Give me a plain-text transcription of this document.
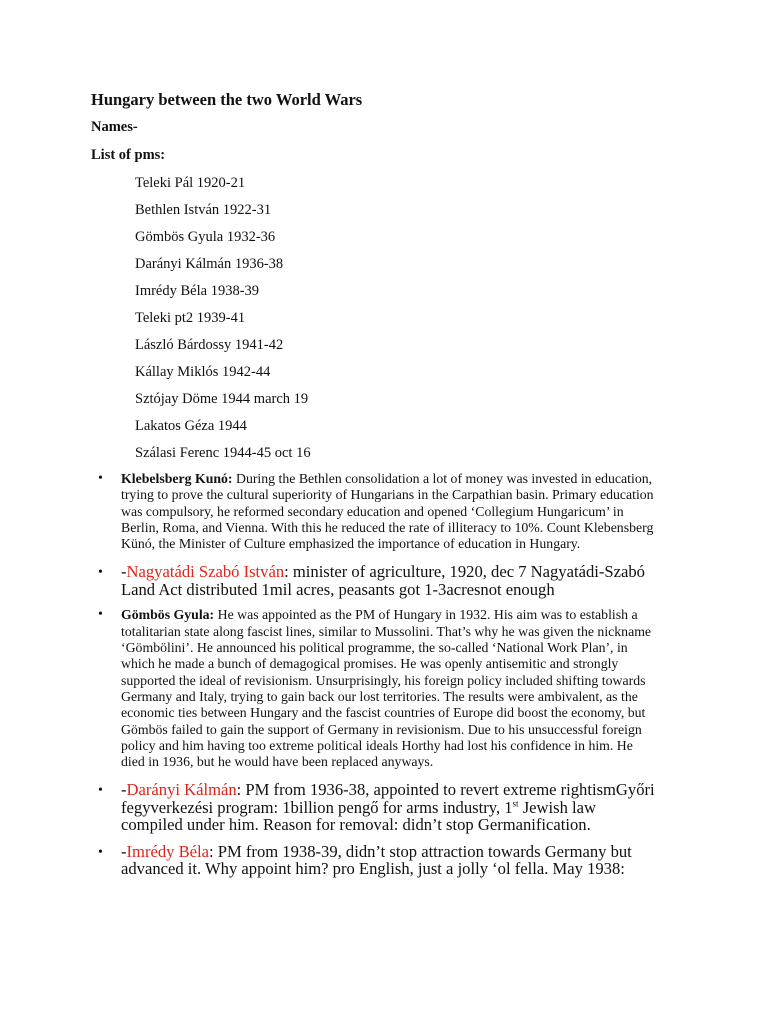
Hungary between the two World Wars
Names-
List of pms:
Teleki Pál 1920-21
Bethlen István 1922-31
Gömbös Gyula 1932-36
Darányi Kálmán 1936-38
Imrédy Béla 1938-39
Teleki pt2 1939-41
László Bárdossy 1941-42
Kállay Miklós 1942-44
Sztójay Döme 1944 march 19
Lakatos Géza 1944
Szálasi Ferenc 1944-45 oct 16
• Klebelsberg Kunó: During the Bethlen consolidation a lot of money was invested in education, trying to prove the cultural superiority of Hungarians in the Carpathian basin. Primary education was compulsory, he reformed secondary education and opened ‘Collegium Hungaricum’ in Berlin, Roma, and Vienna. With this he reduced the rate of illiteracy to 10%. Count Klebensberg Künó, the Minister of Culture emphasized the importance of education in Hungary.
• -Nagyatádi Szabó István: minister of agriculture, 1920, dec 7 Nagyatádi-Szabó Land Act distributed 1mil acres, peasants got 1-3acresnot enough
• Gömbös Gyula: He was appointed as the PM of Hungary in 1932. His aim was to establish a totalitarian state along fascist lines, similar to Mussolini. That’s why he was given the nickname ‘Gömbölini’. He announced his political programme, the so-called ‘National Work Plan’, in which he made a bunch of demagogical promises. He was openly antisemitic and strongly supported the ideal of revisionism. Unsurprisingly, his foreign policy included shifting towards Germany and Italy, trying to gain back our lost territories. The results were ambivalent, as the economic ties between Hungary and the fascist countries of Europe did boost the economy, but Gömbös failed to gain the support of Germany in revisionism. Due to his unsuccessful foreign policy and him having too extreme political ideals Horthy had lost his confidence in him. He died in 1936, but he would have been replaced anyways.
• -Darányi Kálmán: PM from 1936-38, appointed to revert extreme rightismGyőri fegyverkezési program: 1billion pengő for arms industry, 1st Jewish law compiled under him. Reason for removal: didn’t stop Germanification.
• -Imrédy Béla: PM from 1938-39, didn’t stop attraction towards Germany but advanced it. Why appoint him? pro English, just a jolly ‘ol fella. May 1938:
